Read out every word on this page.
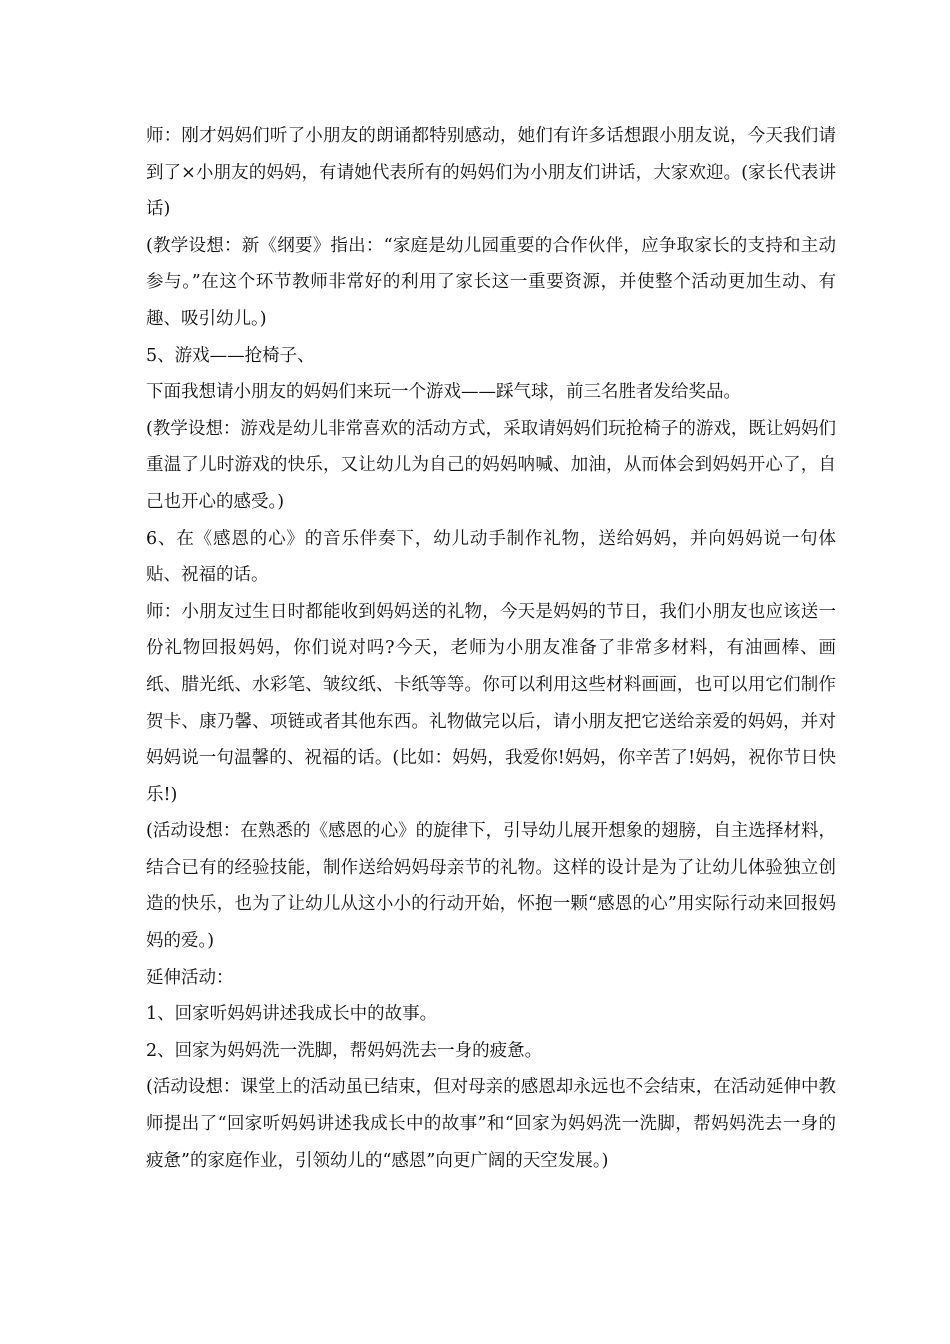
师：刚才妈妈们听了小朋友的朗诵都特别感动，她们有许多话想跟小朋友说，今天我们请到了×小朋友的妈妈，有请她代表所有的妈妈们为小朋友们讲话，大家欢迎。(家长代表讲话)

(教学设想：新《纲要》指出：“家庭是幼儿园重要的合作伙伴，应争取家长的支持和主动参与。”在这个环节教师非常好的利用了家长这一重要资源，并使整个活动更加生动、有趣、吸引幼儿。)

5、游戏——抢椅子、

下面我想请小朋友的妈妈们来玩一个游戏——踩气球，前三名胜者发给奖品。

(教学设想：游戏是幼儿非常喜欢的活动方式，采取请妈妈们玩抢椅子的游戏，既让妈妈们重温了儿时游戏的快乐，又让幼儿为自己的妈妈呐喊、加油，从而体会到妈妈开心了，自己也开心的感受。)

6、在《感恩的心》的音乐伴奏下，幼儿动手制作礼物，送给妈妈，并向妈妈说一句体贴、祝福的话。

师：小朋友过生日时都能收到妈妈送的礼物，今天是妈妈的节日，我们小朋友也应该送一份礼物回报妈妈，你们说对吗?今天，老师为小朋友准备了非常多材料，有油画棒、画纸、腊光纸、水彩笔、皱纹纸、卡纸等等。你可以利用这些材料画画，也可以用它们制作贺卡、康乃馨、项链或者其他东西。礼物做完以后，请小朋友把它送给亲爱的妈妈，并对妈妈说一句温馨的、祝福的话。(比如：妈妈，我爱你!妈妈，你辛苦了!妈妈，祝你节日快乐!)

(活动设想：在熟悉的《感恩的心》的旋律下，引导幼儿展开想象的翅膀，自主选择材料，结合已有的经验技能，制作送给妈妈母亲节的礼物。这样的设计是为了让幼儿体验独立创造的快乐，也为了让幼儿从这小小的行动开始，怀抱一颗“感恩的心”用实际行动来回报妈妈的爱。)

延伸活动：

1、回家听妈妈讲述我成长中的故事。

2、回家为妈妈洗一洗脚，帮妈妈洗去一身的疲惫。

(活动设想：课堂上的活动虽已结束，但对母亲的感恩却永远也不会结束，在活动延伸中教师提出了“回家听妈妈讲述我成长中的故事”和“回家为妈妈洗一洗脚，帮妈妈洗去一身的疲惫”的家庭作业，引领幼儿的“感恩”向更广阔的天空发展。)
